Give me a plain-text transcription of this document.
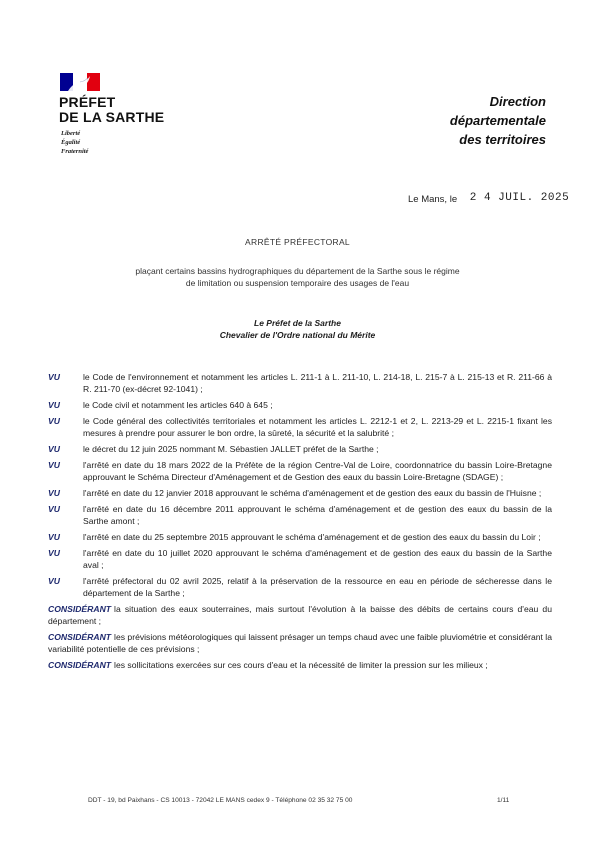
PRÉFET
DE LA SARTHE
Liberté
Égalité
Fraternité
Direction
départementale
des territoires
Le Mans, le 2 4 JUIL. 2025
ARRÊTÉ PRÉFECTORAL
plaçant certains bassins hydrographiques du département de la Sarthe sous le régime
de limitation ou suspension temporaire des usages de l'eau
Le Préfet de la Sarthe
Chevalier de l'Ordre national du Mérite
VU	le Code de l'environnement et notamment les articles L. 211-1 à L. 211-10, L. 214-18, L. 215-7 à L. 215-13 et R. 211-66 à R. 211-70 (ex-décret 92-1041) ;
VU	le Code civil et notamment les articles 640 à 645 ;
VU	le Code général des collectivités territoriales et notamment les articles L. 2212-1 et 2, L. 2213-29 et L. 2215-1 fixant les mesures à prendre pour assurer le bon ordre, la sûreté, la sécurité et la salubrité ;
VU	le décret du 12 juin 2025 nommant M. Sébastien JALLET préfet de la Sarthe ;
VU	l'arrêté en date du 18 mars 2022 de la Préfète de la région Centre-Val de Loire, coordonnatrice du bassin Loire-Bretagne approuvant le Schéma Directeur d'Aménagement et de Gestion des eaux du bassin Loire-Bretagne (SDAGE) ;
VU	l'arrêté en date du 12 janvier 2018 approuvant le schéma d'aménagement et de gestion des eaux du bassin de l'Huisne ;
VU	l'arrêté en date du 16 décembre 2011 approuvant le schéma d'aménagement et de gestion des eaux du bassin de la Sarthe amont ;
VU	l'arrêté en date du 25 septembre 2015 approuvant le schéma d'aménagement et de gestion des eaux du bassin du Loir ;
VU	l'arrêté en date du 10 juillet 2020 approuvant le schéma d'aménagement et de gestion des eaux du bassin de la Sarthe aval ;
VU	l'arrêté préfectoral du 02 avril 2025, relatif à la préservation de la ressource en eau en période de sécheresse dans le département de la Sarthe ;
CONSIDÉRANT la situation des eaux souterraines, mais surtout l'évolution à la baisse des débits de certains cours d'eau du département ;
CONSIDÉRANT les prévisions météorologiques qui laissent présager un temps chaud avec une faible pluviométrie et considérant la variabilité potentielle de ces prévisions ;
CONSIDÉRANT les sollicitations exercées sur ces cours d'eau et la nécessité de limiter la pression sur les milieux ;
DDT - 19, bd Paixhans - CS 10013 - 72042 LE MANS cedex 9 - Téléphone 02 35 32 75 00	1/11
